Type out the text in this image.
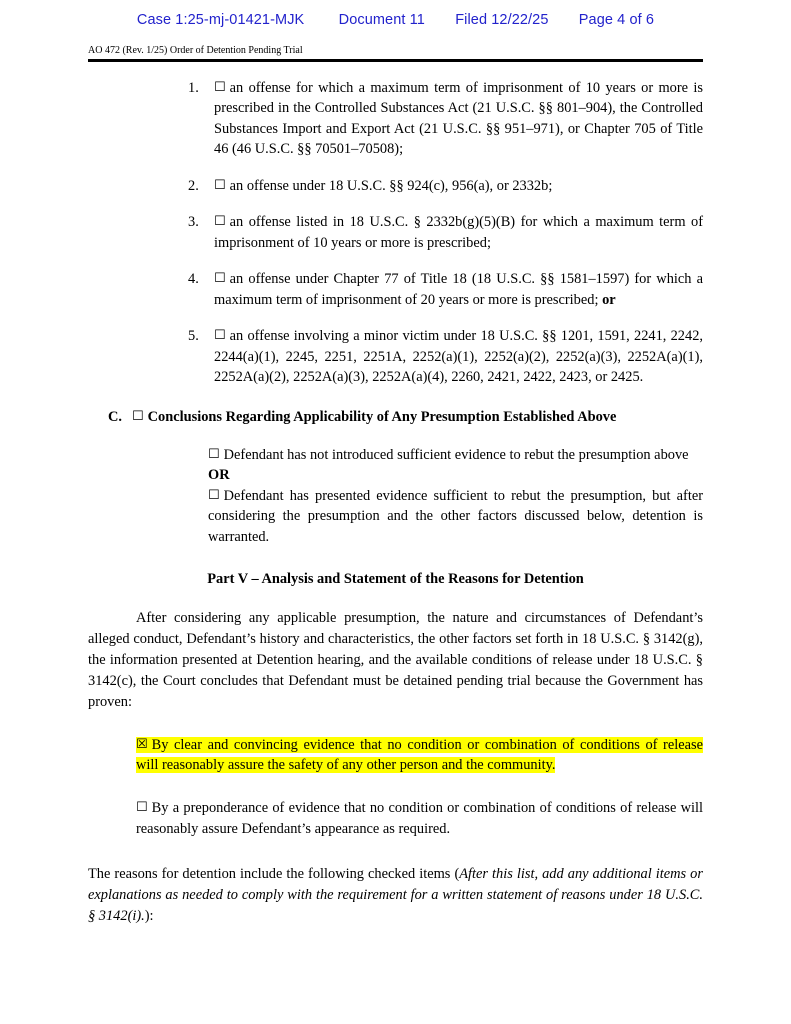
Case 1:25-mj-01421-MJK Document 11 Filed 12/22/25 Page 4 of 6
AO 472 (Rev. 1/25) Order of Detention Pending Trial
1.	☐ an offense for which a maximum term of imprisonment of 10 years or more is prescribed in the Controlled Substances Act (21 U.S.C. §§ 801–904), the Controlled Substances Import and Export Act (21 U.S.C. §§ 951–971), or Chapter 705 of Title 46 (46 U.S.C. §§ 70501–70508);
2.	☐ an offense under 18 U.S.C. §§ 924(c), 956(a), or 2332b;
3.	☐ an offense listed in 18 U.S.C. § 2332b(g)(5)(B) for which a maximum term of imprisonment of 10 years or more is prescribed;
4.	☐ an offense under Chapter 77 of Title 18 (18 U.S.C. §§ 1581–1597) for which a maximum term of imprisonment of 20 years or more is prescribed; or
5.	☐ an offense involving a minor victim under 18 U.S.C. §§ 1201, 1591, 2241, 2242, 2244(a)(1), 2245, 2251, 2251A, 2252(a)(1), 2252(a)(2), 2252(a)(3), 2252A(a)(1), 2252A(a)(2), 2252A(a)(3), 2252A(a)(4), 2260, 2421, 2422, 2423, or 2425.
C. ☐ Conclusions Regarding Applicability of Any Presumption Established Above
☐ Defendant has not introduced sufficient evidence to rebut the presumption above
OR
☐ Defendant has presented evidence sufficient to rebut the presumption, but after considering the presumption and the other factors discussed below, detention is warranted.
Part V – Analysis and Statement of the Reasons for Detention
After considering any applicable presumption, the nature and circumstances of Defendant’s alleged conduct, Defendant’s history and characteristics, the other factors set forth in 18 U.S.C. § 3142(g), the information presented at Detention hearing, and the available conditions of release under 18 U.S.C. § 3142(c), the Court concludes that Defendant must be detained pending trial because the Government has proven:
☒ By clear and convincing evidence that no condition or combination of conditions of release will reasonably assure the safety of any other person and the community.
☐ By a preponderance of evidence that no condition or combination of conditions of release will reasonably assure Defendant’s appearance as required.
The reasons for detention include the following checked items (After this list, add any additional items or explanations as needed to comply with the requirement for a written statement of reasons under 18 U.S.C. § 3142(i).):
